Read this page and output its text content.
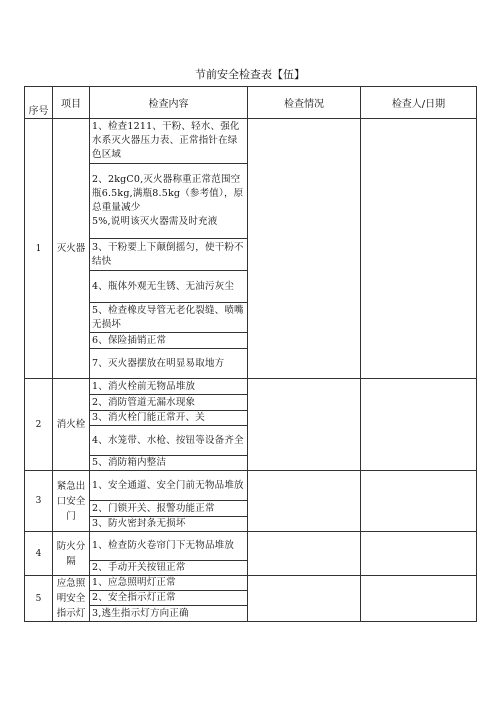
节前安全检查表【伍】
序号	项目	检查内容	检查情况	检查人/日期
1	灭火器	1、检查1211、干粉、轻水、强化水系灭火器压力表、正常指针在绿色区域		
		2、2kgC0,灭火器称重正常范围空瓶6.5kg,满瓶8.5kg（参考值），原总重量减少
5%,说明该灭火器需及时充液		
		3、干粉要上下颠倒摇匀，使干粉不结快		
		4、瓶体外观无生锈、无油污灰尘		
		5、检查橡皮导管无老化裂缝、喷嘴无损坏		
		6、保险插销正常		
		7、灭火器摆放在明显易取地方		
2	消火栓	1、消火栓前无物品堆放		
		2、消防管道无漏水现象		
		3、消火栓门能正常开、关		
		4、水笼带、水枪、按钮等设备齐全		
		5、消防箱内整洁		
3	紧急出口安全门	1、安全通道、安全门前无物品堆放		
		2、门锁开关、报警功能正常		
		3、防火密封条无损坏		
4	防火分隔	1、检查防火卷帘门下无物品堆放		
		2、手动开关按钮正常		
5	应急照明安全指示灯	1、应急照明灯正常		
		2、安全指示灯正常		
		3,逃生指示灯方向正确		
